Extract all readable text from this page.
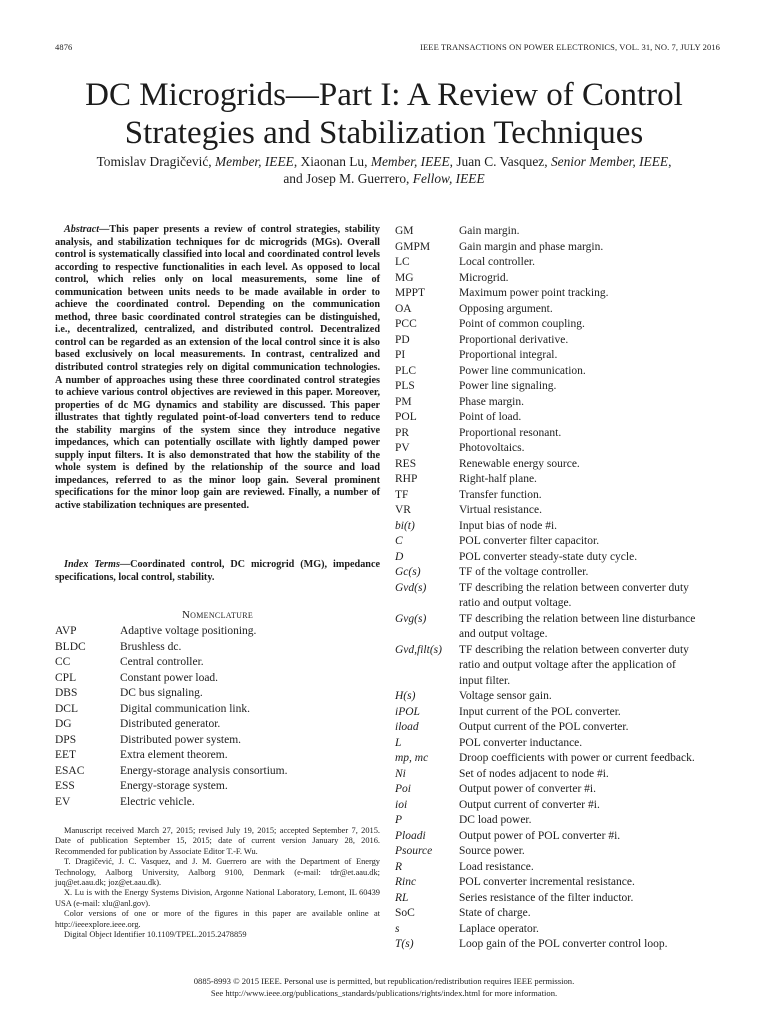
4876	IEEE TRANSACTIONS ON POWER ELECTRONICS, VOL. 31, NO. 7, JULY 2016
DC Microgrids—Part I: A Review of Control
Strategies and Stabilization Techniques
Tomislav Dragičević, Member, IEEE, Xiaonan Lu, Member, IEEE, Juan C. Vasquez, Senior Member, IEEE,
and Josep M. Guerrero, Fellow, IEEE
Abstract—This paper presents a review of control strategies, stability analysis, and stabilization techniques for dc microgrids (MGs). Overall control is systematically classified into local and coordinated control levels according to respective functionalities in each level. As opposed to local control, which relies only on local measurements, some line of communication between units needs to be made available in order to achieve the coordinated control. Depending on the communication method, three basic coordinated control strategies can be distinguished, i.e., decentralized, centralized, and distributed control. Decentralized control can be regarded as an extension of the local control since it is also based exclusively on local measurements. In contrast, centralized and distributed control strategies rely on digital communication technologies. A number of approaches using these three coordinated control strategies to achieve various control objectives are reviewed in this paper. Moreover, properties of dc MG dynamics and stability are discussed. This paper illustrates that tightly regulated point-of-load converters tend to reduce the stability margins of the system since they introduce negative impedances, which can potentially oscillate with lightly damped power supply input filters. It is also demonstrated that how the stability of the whole system is defined by the relationship of the source and load impedances, referred to as the minor loop gain. Several prominent specifications for the minor loop gain are reviewed. Finally, a number of active stabilization techniques are presented.
Index Terms—Coordinated control, DC microgrid (MG), impedance specifications, local control, stability.
Nomenclature
AVP	Adaptive voltage positioning.
BLDC	Brushless dc.
CC	Central controller.
CPL	Constant power load.
DBS	DC bus signaling.
DCL	Digital communication link.
DG	Distributed generator.
DPS	Distributed power system.
EET	Extra element theorem.
ESAC	Energy-storage analysis consortium.
ESS	Energy-storage system.
EV	Electric vehicle.

Manuscript received March 27, 2015; revised July 19, 2015; accepted September 7, 2015. Date of publication September 15, 2015; date of current version January 28, 2016. Recommended for publication by Associate Editor T.-F. Wu.

T. Dragičević, J. C. Vasquez, and J. M. Guerrero are with the Department of Energy Technology, Aalborg University, Aalborg 9100, Denmark (e-mail: tdr@et.aau.dk; juq@et.aau.dk; joz@et.aau.dk).

X. Lu is with the Energy Systems Division, Argonne National Laboratory, Lemont, IL 60439 USA (e-mail: xlu@anl.gov).

Color versions of one or more of the figures in this paper are available online at http://ieeexplore.ieee.org.

Digital Object Identifier 10.1109/TPEL.2015.2478859

GM	Gain margin.
GMPM	Gain margin and phase margin.
LC	Local controller.
MG	Microgrid.
MPPT	Maximum power point tracking.
OA	Opposing argument.
PCC	Point of common coupling.
PD	Proportional derivative.
PI	Proportional integral.
PLC	Power line communication.
PLS	Power line signaling.
PM	Phase margin.
POL	Point of load.
PR	Proportional resonant.
PV	Photovoltaics.
RES	Renewable energy source.
RHP	Right-half plane.
TF	Transfer function.
VR	Virtual resistance.
bi(t)	Input bias of node #i.
C	POL converter filter capacitor.
D	POL converter steady-state duty cycle.
Gc(s)	TF of the voltage controller.
Gvd(s)	TF describing the relation between converter duty
ratio and output voltage.
Gvg(s)	TF describing the relation between line disturbance
and output voltage.
Gvd,filt(s) TF describing the relation between converter duty
ratio and output voltage after the application of
input filter.
H(s)	Voltage sensor gain.
iPOL	Input current of the POL converter.
iload	Output current of the POL converter.
L	POL converter inductance.
mp, mc	Droop coefficients with power or current feedback.
Ni	Set of nodes adjacent to node #i.
Poi	Output power of converter #i.
ioi	Output current of converter #i.
P	DC load power.
Ploadi	Output power of POL converter #i.
Psource Source power.
R	Load resistance.
Rinc	POL converter incremental resistance.
RL	Series resistance of the filter inductor.
SoC	State of charge.
s	Laplace operator.
T(s)	Loop gain of the POL converter control loop.
0885-8993 © 2015 IEEE. Personal use is permitted, but republication/redistribution requires IEEE permission.
See http://www.ieee.org/publications_standards/publications/rights/index.html for more information.
